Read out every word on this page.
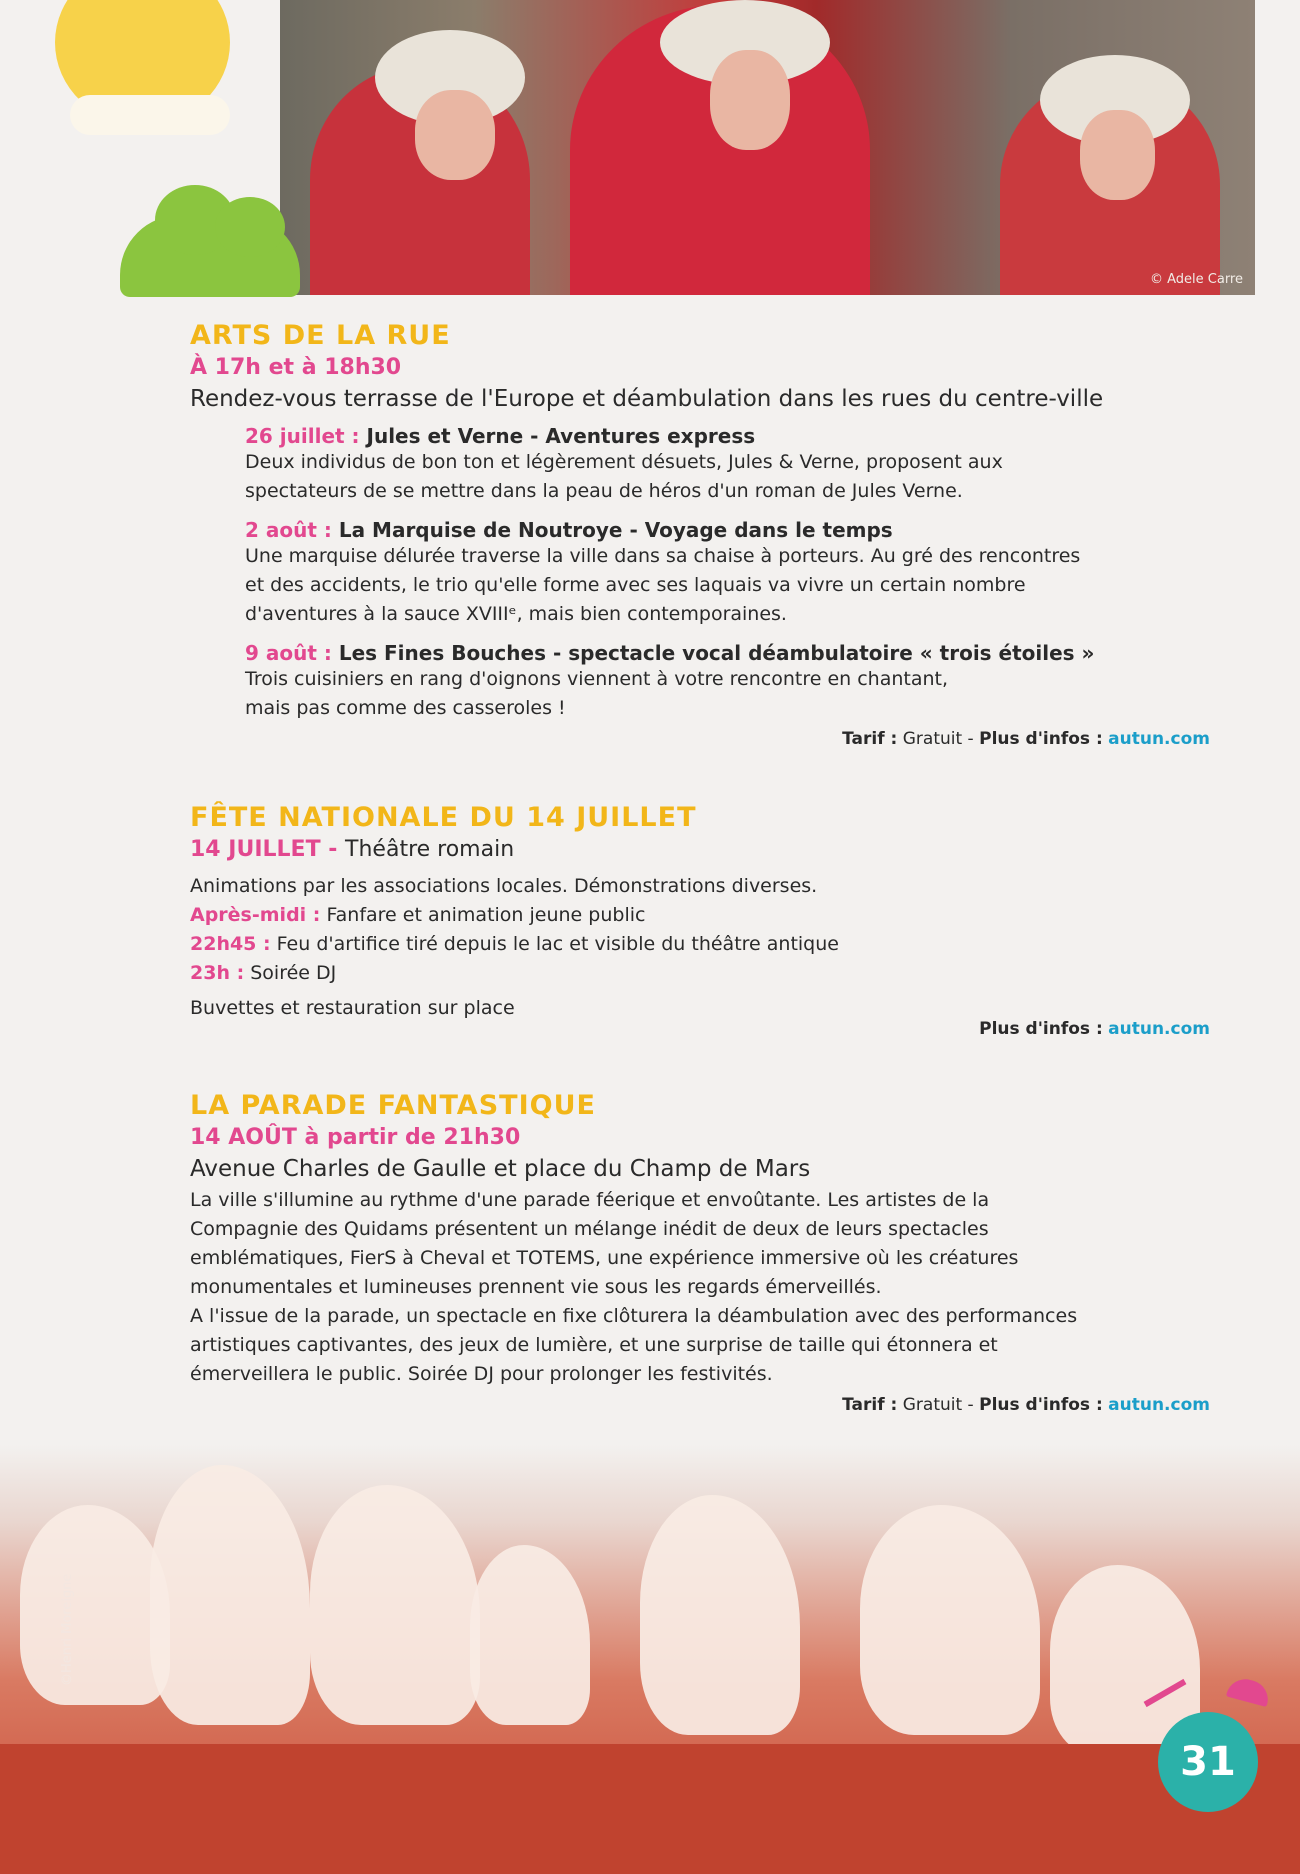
© Adele Carre
ARTS DE LA RUE
À 17h et à 18h30
Rendez-vous terrasse de l'Europe et déambulation dans les rues du centre-ville
26 juillet : Jules et Verne - Aventures express
Deux individus de bon ton et légèrement désuets, Jules & Verne, proposent aux
spectateurs de se mettre dans la peau de héros d'un roman de Jules Verne.
2 août : La Marquise de Noutroye - Voyage dans le temps
Une marquise délurée traverse la ville dans sa chaise à porteurs. Au gré des rencontres
et des accidents, le trio qu'elle forme avec ses laquais va vivre un certain nombre
d'aventures à la sauce XVIIIᵉ, mais bien contemporaines.
9 août : Les Fines Bouches - spectacle vocal déambulatoire « trois étoiles »
Trois cuisiniers en rang d'oignons viennent à votre rencontre en chantant,
mais pas comme des casseroles !
Tarif : Gratuit - Plus d'infos : autun.com
FÊTE NATIONALE DU 14 JUILLET
14 JUILLET - Théâtre romain
Animations par les associations locales. Démonstrations diverses.
Après-midi : Fanfare et animation jeune public
22h45 : Feu d'artifice tiré depuis le lac et visible du théâtre antique
23h : Soirée DJ
Buvettes et restauration sur place
Plus d'infos : autun.com
LA PARADE FANTASTIQUE
14 AOÛT à partir de 21h30
Avenue Charles de Gaulle et place du Champ de Mars
La ville s'illumine au rythme d'une parade féerique et envoûtante. Les artistes de la
Compagnie des Quidams présentent un mélange inédit de deux de leurs spectacles
emblématiques, FierS à Cheval et TOTEMS, une expérience immersive où les créatures
monumentales et lumineuses prennent vie sous les regards émerveillés.
A l'issue de la parade, un spectacle en fixe clôturera la déambulation avec des performances
artistiques captivantes, des jeux de lumière, et une surprise de taille qui étonnera et
émerveillera le public. Soirée DJ pour prolonger les festivités.
Tarif : Gratuit - Plus d'infos : autun.com
©Henri Moreigne
31
